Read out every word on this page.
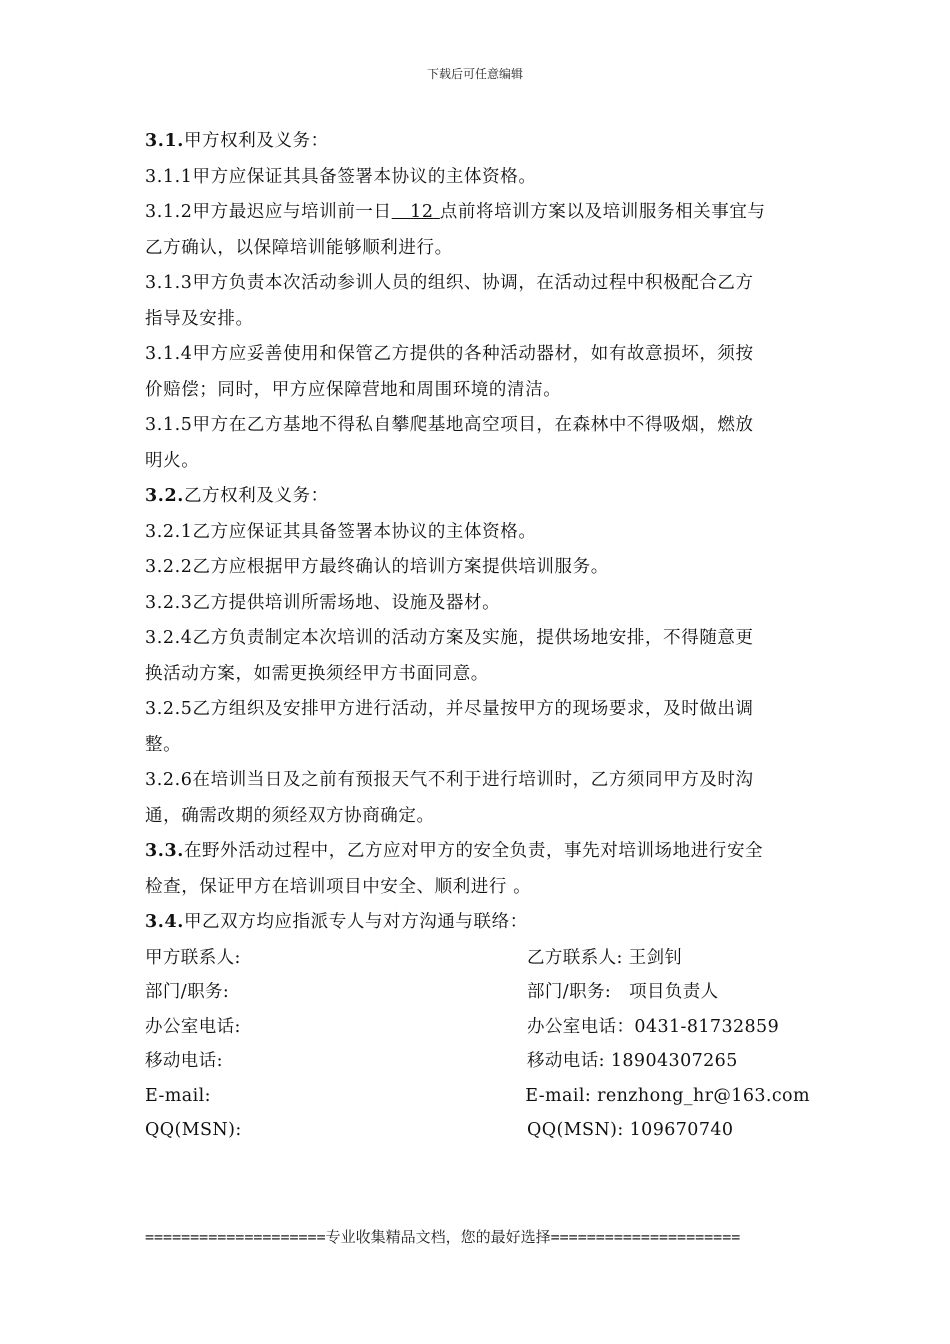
下载后可任意编辑
3.1.甲方权利及义务：
3.1.1甲方应保证其具备签署本协议的主体资格。
3.1.2甲方最迟应与培训前一日 12 点前将培训方案以及培训服务相关事宜与
乙方确认，以保障培训能够顺利进行。
3.1.3甲方负责本次活动参训人员的组织、协调，在活动过程中积极配合乙方
指导及安排。
3.1.4甲方应妥善使用和保管乙方提供的各种活动器材，如有故意损坏，须按
价赔偿；同时，甲方应保障营地和周围环境的清洁。
3.1.5甲方在乙方基地不得私自攀爬基地高空项目，在森林中不得吸烟，燃放
明火。
3.2.乙方权利及义务：
3.2.1乙方应保证其具备签署本协议的主体资格。
3.2.2乙方应根据甲方最终确认的培训方案提供培训服务。
3.2.3乙方提供培训所需场地、设施及器材。
3.2.4乙方负责制定本次培训的活动方案及实施，提供场地安排，不得随意更
换活动方案，如需更换须经甲方书面同意。
3.2.5乙方组织及安排甲方进行活动，并尽量按甲方的现场要求，及时做出调
整。
3.2.6在培训当日及之前有预报天气不利于进行培训时，乙方须同甲方及时沟
通，确需改期的须经双方协商确定。
3.3.在野外活动过程中，乙方应对甲方的安全负责，事先对培训场地进行安全
检查，保证甲方在培训项目中安全、顺利进行 。
3.4.甲乙双方均应指派专人与对方沟通与联络：
甲方联系人:	乙方联系人: 王剑钊
部门/职务:	部门/职务:   项目负责人
办公室电话:	办公室电话：0431-81732859
移动电话:	移动电话: 18904307265
E-mail:	E-mail: renzhong_hr@163.com
QQ(MSN):	QQ(MSN): 109670740
====================专业收集精品文档，您的最好选择=====================
